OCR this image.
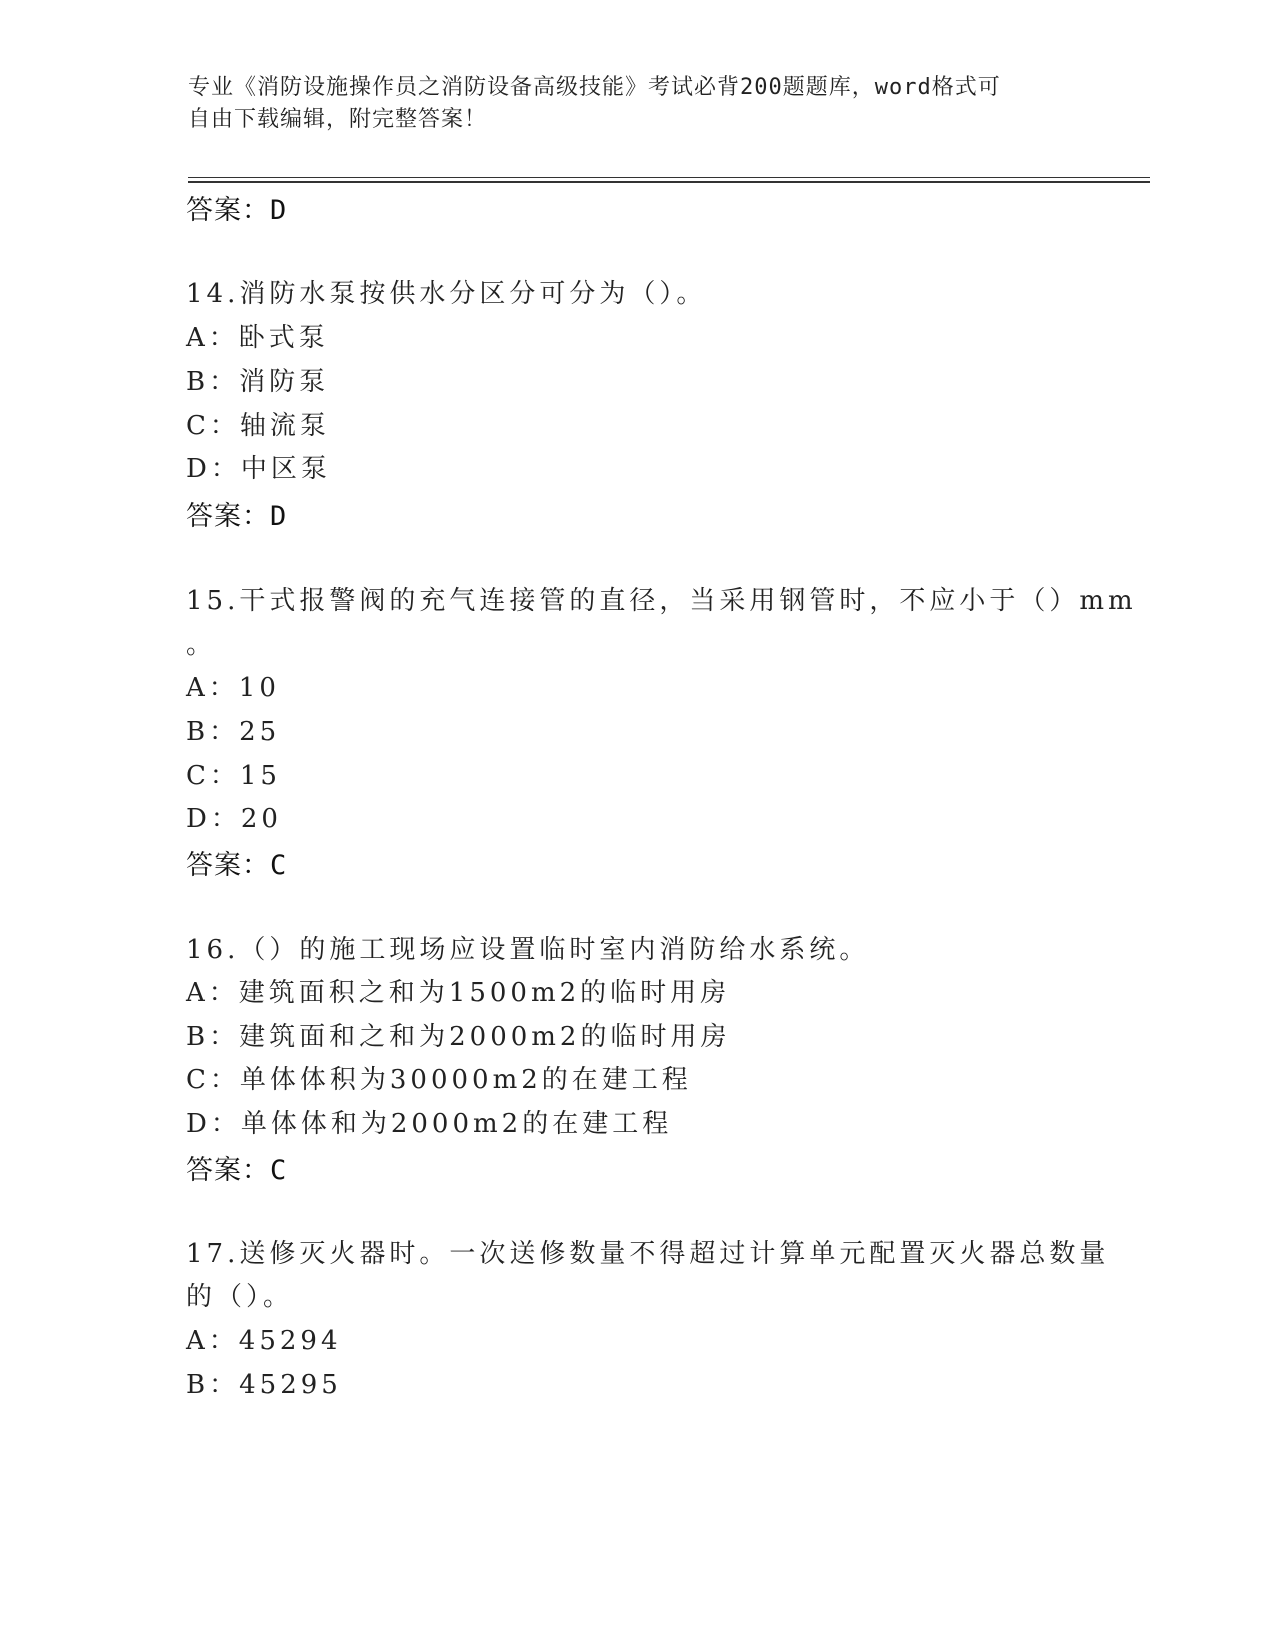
专业《消防设施操作员之消防设备高级技能》考试必背200题题库，word格式可
自由下载编辑，附完整答案！
答案：D
14.消防水泵按供水分区分可分为（）。
A：卧式泵
B：消防泵
C：轴流泵
D：中区泵
答案：D
15.干式报警阀的充气连接管的直径，当采用钢管时，不应小于（）mm
。
A：10
B：25
C：15
D：20
答案：C
16.（）的施工现场应设置临时室内消防给水系统。
A：建筑面积之和为1500m2的临时用房
B：建筑面和之和为2000m2的临时用房
C：单体体积为30000m2的在建工程
D：单体体和为2000m2的在建工程
答案：C
17.送修灭火器时。一次送修数量不得超过计算单元配置灭火器总数量
的（）。
A：45294
B：45295
